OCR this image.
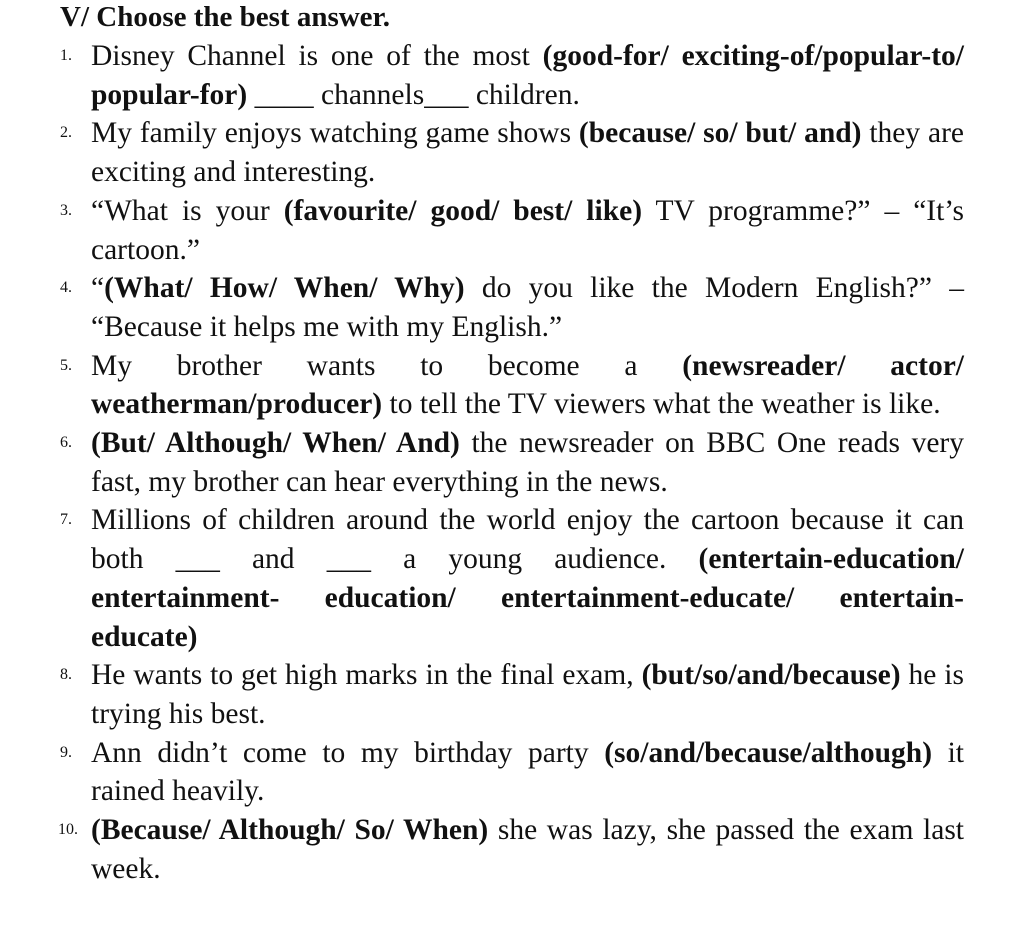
V/ Choose the best answer.
1. Disney Channel is one of the most (good-for/ exciting-of/popular-to/ popular-for) ____ channels___ children.
2. My family enjoys watching game shows (because/ so/ but/ and) they are exciting and interesting.
3. “What is your (favourite/ good/ best/ like) TV programme?” – “It’s cartoon.”
4. “(What/ How/ When/ Why) do you like the Modern English?” – “Because it helps me with my English.”
5. My brother wants to become a (newsreader/ actor/ weatherman/producer) to tell the TV viewers what the weather is like.
6. (But/ Although/ When/ And) the newsreader on BBC One reads very fast, my brother can hear everything in the news.
7. Millions of children around the world enjoy the cartoon because it can both ___ and ___ a young audience. (entertain-education/ entertainment- education/ entertainment-educate/ entertain- educate)
8. He wants to get high marks in the final exam, (but/so/and/because) he is trying his best.
9. Ann didn’t come to my birthday party (so/and/because/although) it rained heavily.
10. (Because/ Although/ So/ When) she was lazy, she passed the exam last week.
